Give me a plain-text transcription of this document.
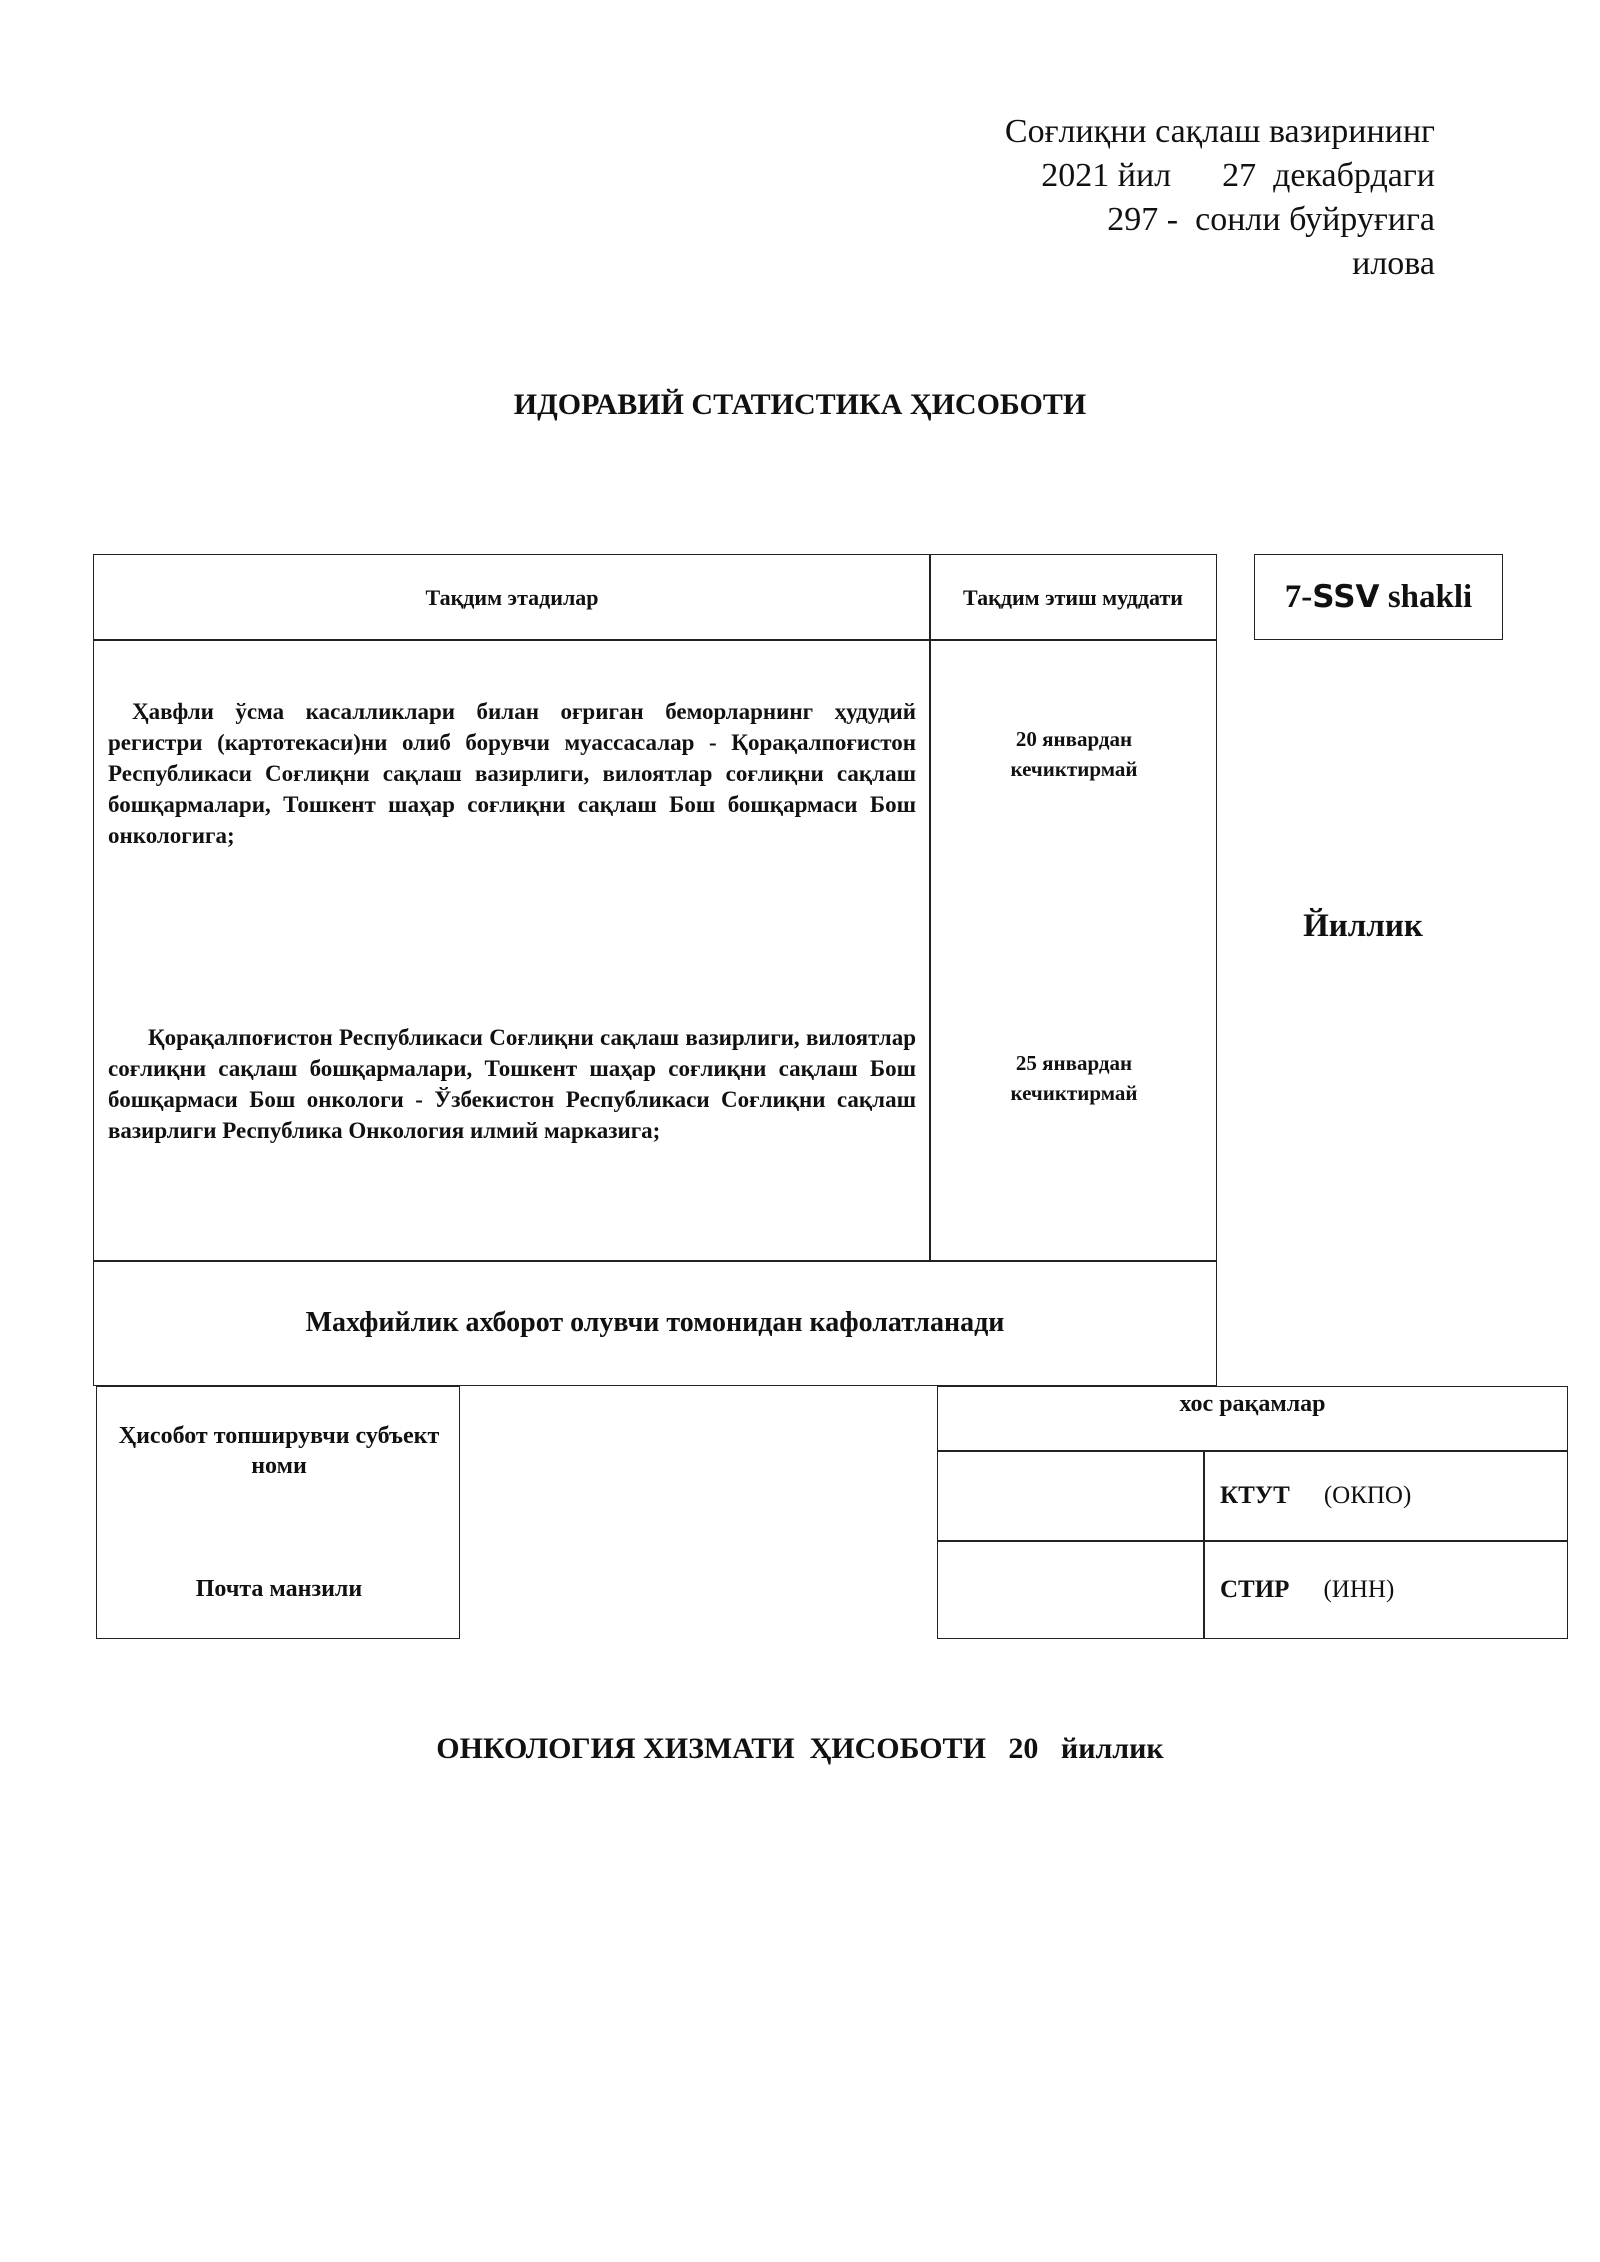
Соғлиқни сақлаш вазирининг
2021 йил      27  декабрдаги
297 -  сонли буйруғига
илова
ИДОРАВИЙ СТАТИСТИКА ҲИСОБОТИ
Тақдим этадилар	Тақдим этиш муддати
Ҳавфли ўсма касалликлари билан оғриган беморларнинг ҳудудий регистри (картотекаси)ни олиб борувчи муассасалар - Қорақалпоғистон Республикаси Соғлиқни сақлаш вазирлиги, вилоятлар соғлиқни сақлаш бошқармалари, Тошкент шаҳар соғлиқни сақлаш Бош бошқармаси Бош онкологига;
Қорақалпоғистон Республикаси Соғлиқни сақлаш вазирлиги, вилоятлар соғлиқни сақлаш бошқармалари, Тошкент шаҳар соғлиқни сақлаш Бош бошқармаси Бош онкологи - Ўзбекистон Республикаси Соғлиқни сақлаш вазирлиги Республика Онкология илмий марказига;
20 январдан кечиктирмай
25 январдан кечиктирмай
Махфийлик ахборот олувчи томонидан кафолатланади
7- SSV shakli
Йиллик
Ҳисобот топширувчи субъект номи
Почта манзили
хос рақамлар
КТУТ (ОКПО)
СТИР (ИНН)
ОНКОЛОГИЯ ХИЗМАТИ  ҲИСОБОТИ   20   йиллик
